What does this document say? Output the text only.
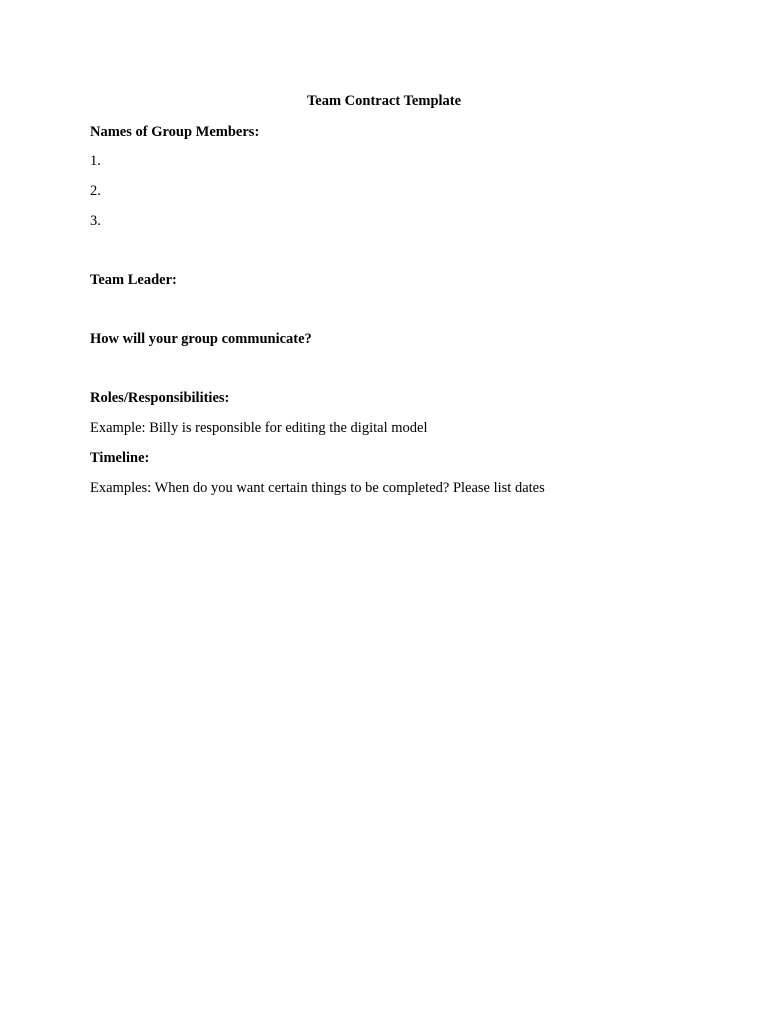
Team Contract Template
Names of Group Members:
1.
2.
3.
Team Leader:
How will your group communicate?
Roles/Responsibilities:
Example: Billy is responsible for editing the digital model
Timeline:
Examples: When do you want certain things to be completed? Please list dates
